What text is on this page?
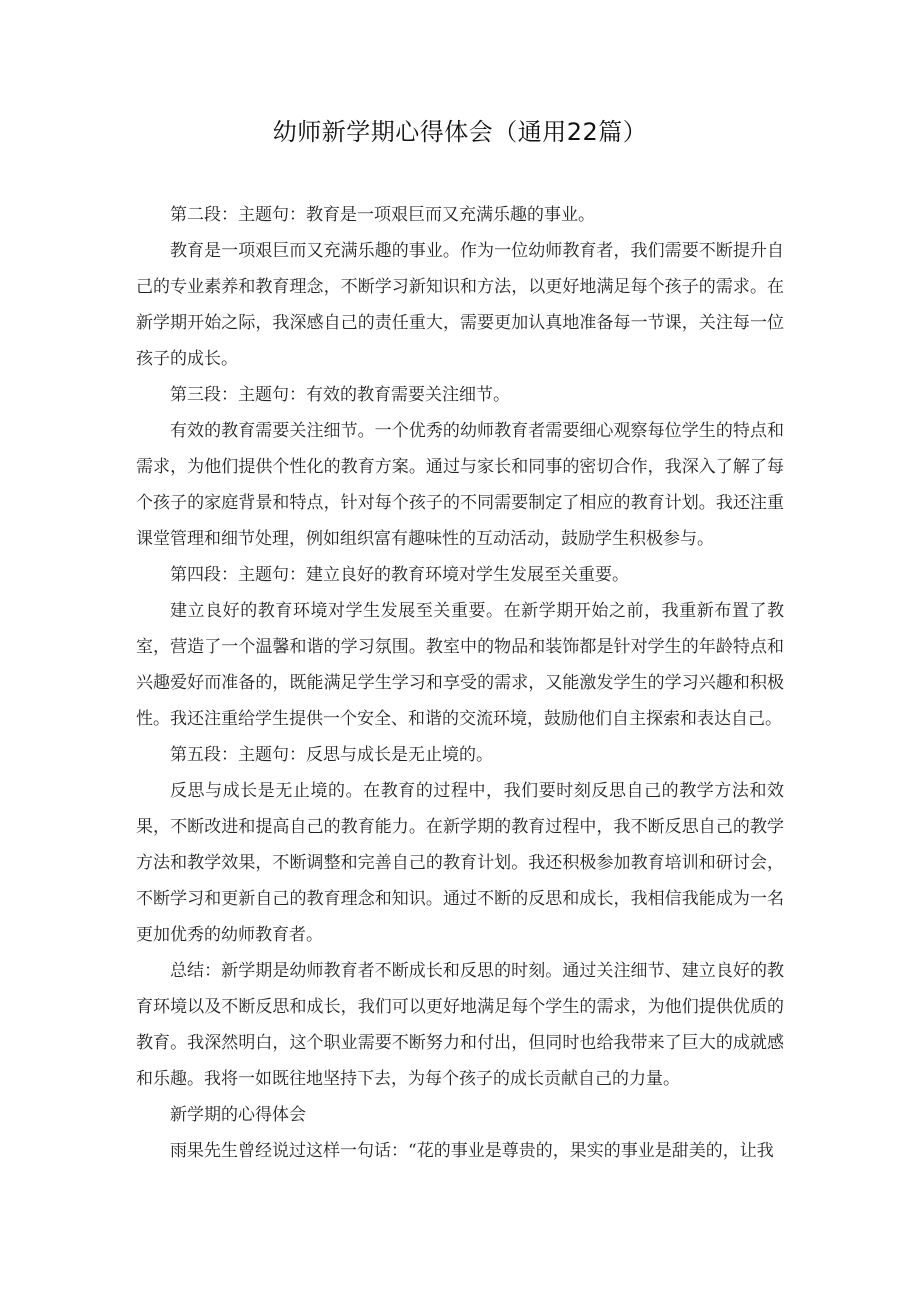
幼师新学期心得体会（通用22篇）

第二段：主题句：教育是一项艰巨而又充满乐趣的事业。

教育是一项艰巨而又充满乐趣的事业。作为一位幼师教育者，我们需要不断提升自己的专业素养和教育理念，不断学习新知识和方法，以更好地满足每个孩子的需求。在新学期开始之际，我深感自己的责任重大，需要更加认真地准备每一节课，关注每一位孩子的成长。

第三段：主题句：有效的教育需要关注细节。

有效的教育需要关注细节。一个优秀的幼师教育者需要细心观察每位学生的特点和需求，为他们提供个性化的教育方案。通过与家长和同事的密切合作，我深入了解了每个孩子的家庭背景和特点，针对每个孩子的不同需要制定了相应的教育计划。我还注重课堂管理和细节处理，例如组织富有趣味性的互动活动，鼓励学生积极参与。

第四段：主题句：建立良好的教育环境对学生发展至关重要。

建立良好的教育环境对学生发展至关重要。在新学期开始之前，我重新布置了教室，营造了一个温馨和谐的学习氛围。教室中的物品和装饰都是针对学生的年龄特点和兴趣爱好而准备的，既能满足学生学习和享受的需求，又能激发学生的学习兴趣和积极性。我还注重给学生提供一个安全、和谐的交流环境，鼓励他们自主探索和表达自己。

第五段：主题句：反思与成长是无止境的。

反思与成长是无止境的。在教育的过程中，我们要时刻反思自己的教学方法和效果，不断改进和提高自己的教育能力。在新学期的教育过程中，我不断反思自己的教学方法和教学效果，不断调整和完善自己的教育计划。我还积极参加教育培训和研讨会，不断学习和更新自己的教育理念和知识。通过不断的反思和成长，我相信我能成为一名更加优秀的幼师教育者。

总结：新学期是幼师教育者不断成长和反思的时刻。通过关注细节、建立良好的教育环境以及不断反思和成长，我们可以更好地满足每个学生的需求，为他们提供优质的教育。我深然明白，这个职业需要不断努力和付出，但同时也给我带来了巨大的成就感和乐趣。我将一如既往地坚持下去，为每个孩子的成长贡献自己的力量。

新学期的心得体会

雨果先生曾经说过这样一句话：“花的事业是尊贵的，果实的事业是甜美的，让我
